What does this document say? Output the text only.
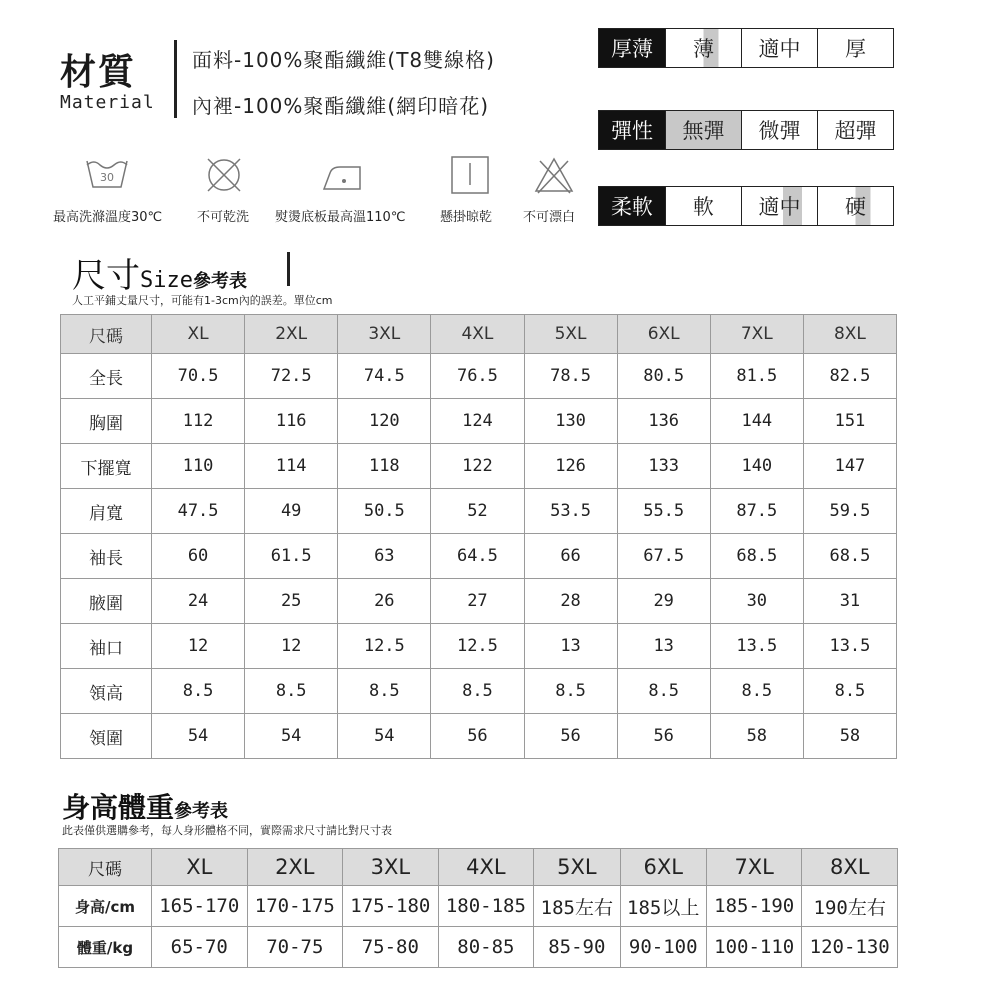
材質
Material
面料-100%聚酯纖維(T8雙線格)
內裡-100%聚酯纖維(網印暗花)
厚薄	薄 適中 厚
彈性	無彈 微彈 超彈
柔軟	軟 適中 硬
30
最高洗滌溫度30℃	不可乾洗 熨燙底板最高溫110℃	懸掛晾乾 不可漂白
尺寸Size參考表
人工平鋪丈量尺寸，可能有1-3cm內的誤差。單位cm
尺碼	XL	2XL	3XL	4XL	5XL	6XL	7XL	8XL
全長	70.5	72.5	74.5	76.5	78.5	80.5	81.5	82.5
胸圍	112	116	120	124	130	136	144	151
下擺寬	110	114	118	122	126	133	140	147
肩寬	47.5	49	50.5	52	53.5	55.5	87.5	59.5
袖長	60	61.5	63	64.5	66	67.5	68.5	68.5
腋圍	24	25	26	27	28	29	30	31
袖口	12	12	12.5	12.5	13	13	13.5	13.5
領高	8.5	8.5	8.5	8.5	8.5	8.5	8.5	8.5
領圍	54	54	54	56	56	56	58	58
身高體重參考表
此表僅供選購參考，每人身形體格不同，實際需求尺寸請比對尺寸表
尺碼	XL	2XL	3XL	4XL	5XL	6XL	7XL	8XL
身高/cm	165-170	170-175	175-180	180-185	185左右	185以上	185-190	190左右
體重/kg	65-70	70-75	75-80	80-85	85-90	90-100	100-110	120-130
